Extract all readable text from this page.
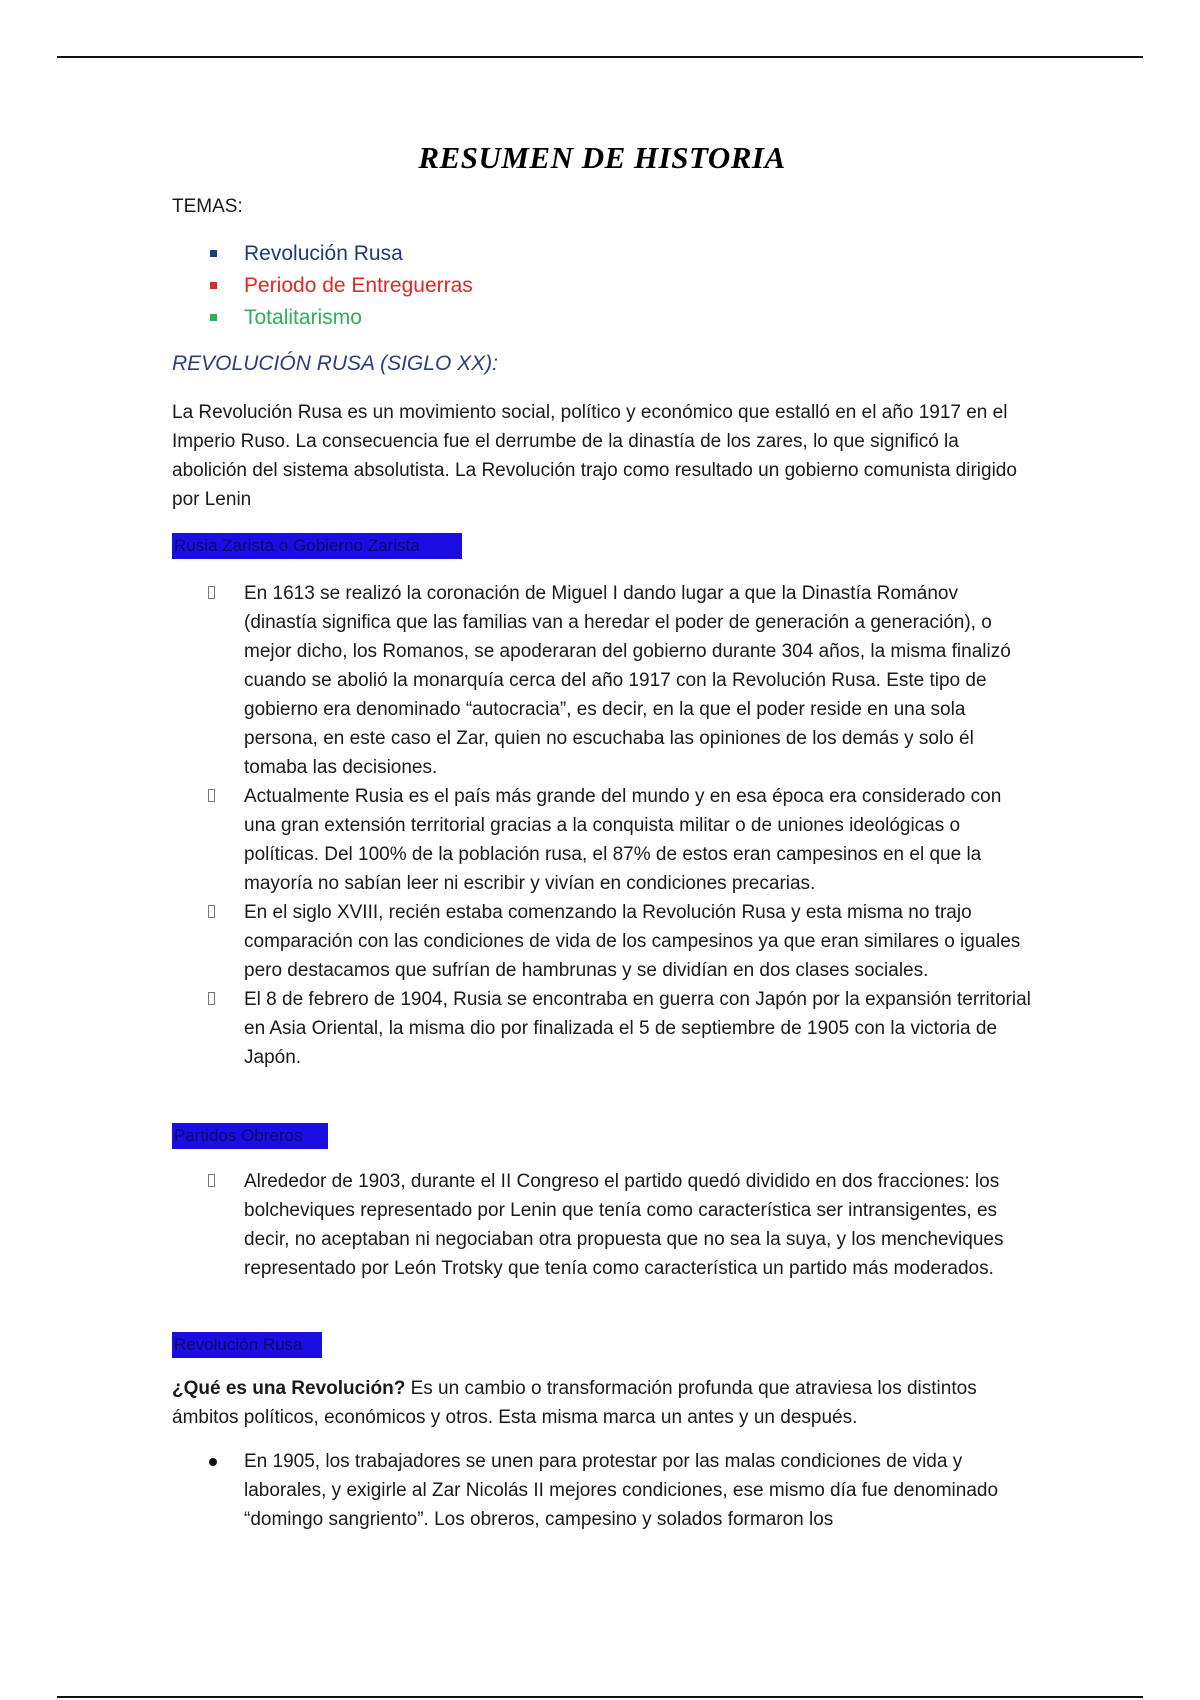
RESUMEN DE HISTORIA

TEMAS:

Revolución Rusa
Periodo de Entreguerras
Totalitarismo
REVOLUCIÓN RUSA (SIGLO XX):

La Revolución Rusa es un movimiento social, político y económico que estalló en el año 1917 en el Imperio Ruso. La consecuencia fue el derrumbe de la dinastía de los zares, lo que significó la abolición del sistema absolutista. La Revolución trajo como resultado un gobierno comunista dirigido por Lenin

Rusia Zarista o Gobierno Zarista
En 1613 se realizó la coronación de Miguel I dando lugar a que la Dinastía Románov (dinastía significa que las familias van a heredar el poder de generación a generación), o mejor dicho, los Romanos, se apoderaran del gobierno durante 304 años, la misma finalizó cuando se abolió la monarquía cerca del año 1917 con la Revolución Rusa. Este tipo de gobierno era denominado “autocracia”, es decir, en la que el poder reside en una sola persona, en este caso el Zar, quien no escuchaba las opiniones de los demás y solo él tomaba las decisiones.
Actualmente Rusia es el país más grande del mundo y en esa época era considerado con una gran extensión territorial gracias a la conquista militar o de uniones ideológicas o políticas. Del 100% de la población rusa, el 87% de estos eran campesinos en el que la mayoría no sabían leer ni escribir y vivían en condiciones precarias.
En el siglo XVIII, recién estaba comenzando la Revolución Rusa y esta misma no trajo comparación con las condiciones de vida de los campesinos ya que eran similares o iguales pero destacamos que sufrían de hambrunas y se dividían en dos clases sociales.
El 8 de febrero de 1904, Rusia se encontraba en guerra con Japón por la expansión territorial en Asia Oriental, la misma dio por finalizada el 5 de septiembre de 1905 con la victoria de Japón.
Partidos Obreros
Alrededor de 1903, durante el II Congreso el partido quedó dividido en dos fracciones: los bolcheviques representado por Lenin que tenía como característica ser intransigentes, es decir, no aceptaban ni negociaban otra propuesta que no sea la suya, y los mencheviques representado por León Trotsky que tenía como característica un partido más moderados.
Revolución Rusa

¿Qué es una Revolución? Es un cambio o transformación profunda que atraviesa los distintos ámbitos políticos, económicos y otros. Esta misma marca un antes y un después.

En 1905, los trabajadores se unen para protestar por las malas condiciones de vida y laborales, y exigirle al Zar Nicolás II mejores condiciones, ese mismo día fue denominado “domingo sangriento”. Los obreros, campesino y solados formaron los
